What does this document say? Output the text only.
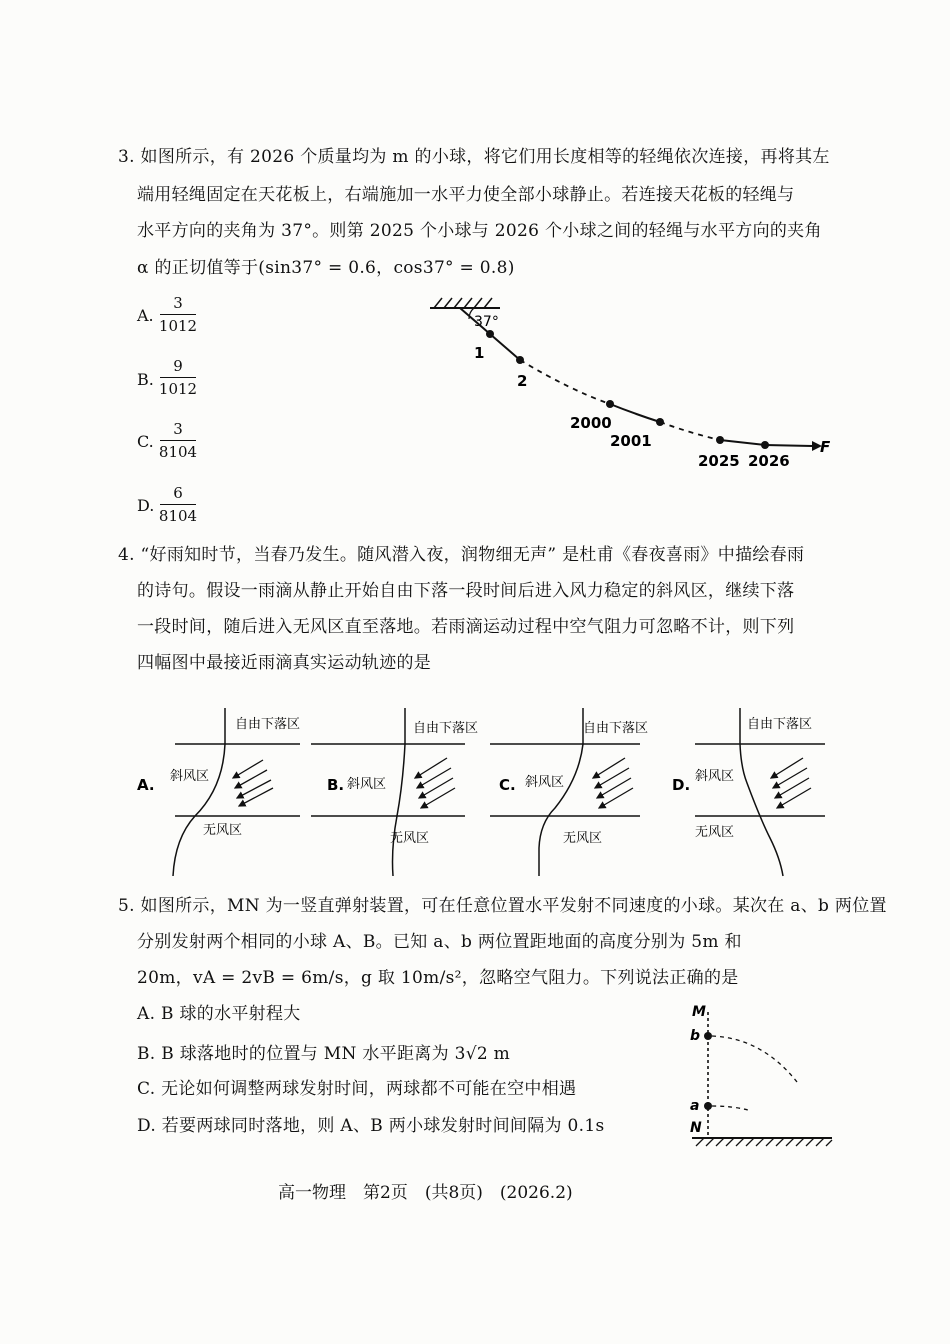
3. 如图所示，有 2026 个质量均为 m 的小球，将它们用长度相等的轻绳依次连接，再将其左
端用轻绳固定在天花板上，右端施加一水平力使全部小球静止。若连接天花板的轻绳与
水平方向的夹角为 37°。则第 2025 个小球与 2026 个小球之间的轻绳与水平方向的夹角
α 的正切值等于(sin37° = 0.6，cos37° = 0.8)
A.
3
1012
B.
9
1012
C.
3
8104
D.
6
8104
37°
1
2
2000
2001
2025 2026
F
4. “好雨知时节，当春乃发生。随风潜入夜，润物细无声” 是杜甫《春夜喜雨》中描绘春雨
的诗句。假设一雨滴从静止开始自由下落一段时间后进入风力稳定的斜风区，继续下落
一段时间，随后进入无风区直至落地。若雨滴运动过程中空气阻力可忽略不计，则下列
四幅图中最接近雨滴真实运动轨迹的是
A.
自由下落区
斜风区
无风区
B.
自由下落区
斜风区
无风区
C.
自由下落区
斜风区
无风区
D.
自由下落区
斜风区
无风区
5. 如图所示，MN 为一竖直弹射装置，可在任意位置水平发射不同速度的小球。某次在 a、b 两位置
分别发射两个相同的小球 A、B。已知 a、b 两位置距地面的高度分别为 5m 和
20m，vA = 2vB = 6m/s，g 取 10m/s²，忽略空气阻力。下列说法正确的是
A. B 球的水平射程大
B. B 球落地时的位置与 MN 水平距离为 3√2 m
C. 无论如何调整两球发射时间，两球都不可能在空中相遇
D. 若要两球同时落地，则 A、B 两小球发射时间间隔为 0.1s
M
b
a
N
高一物理　第2页　(共8页)　(2026.2)
